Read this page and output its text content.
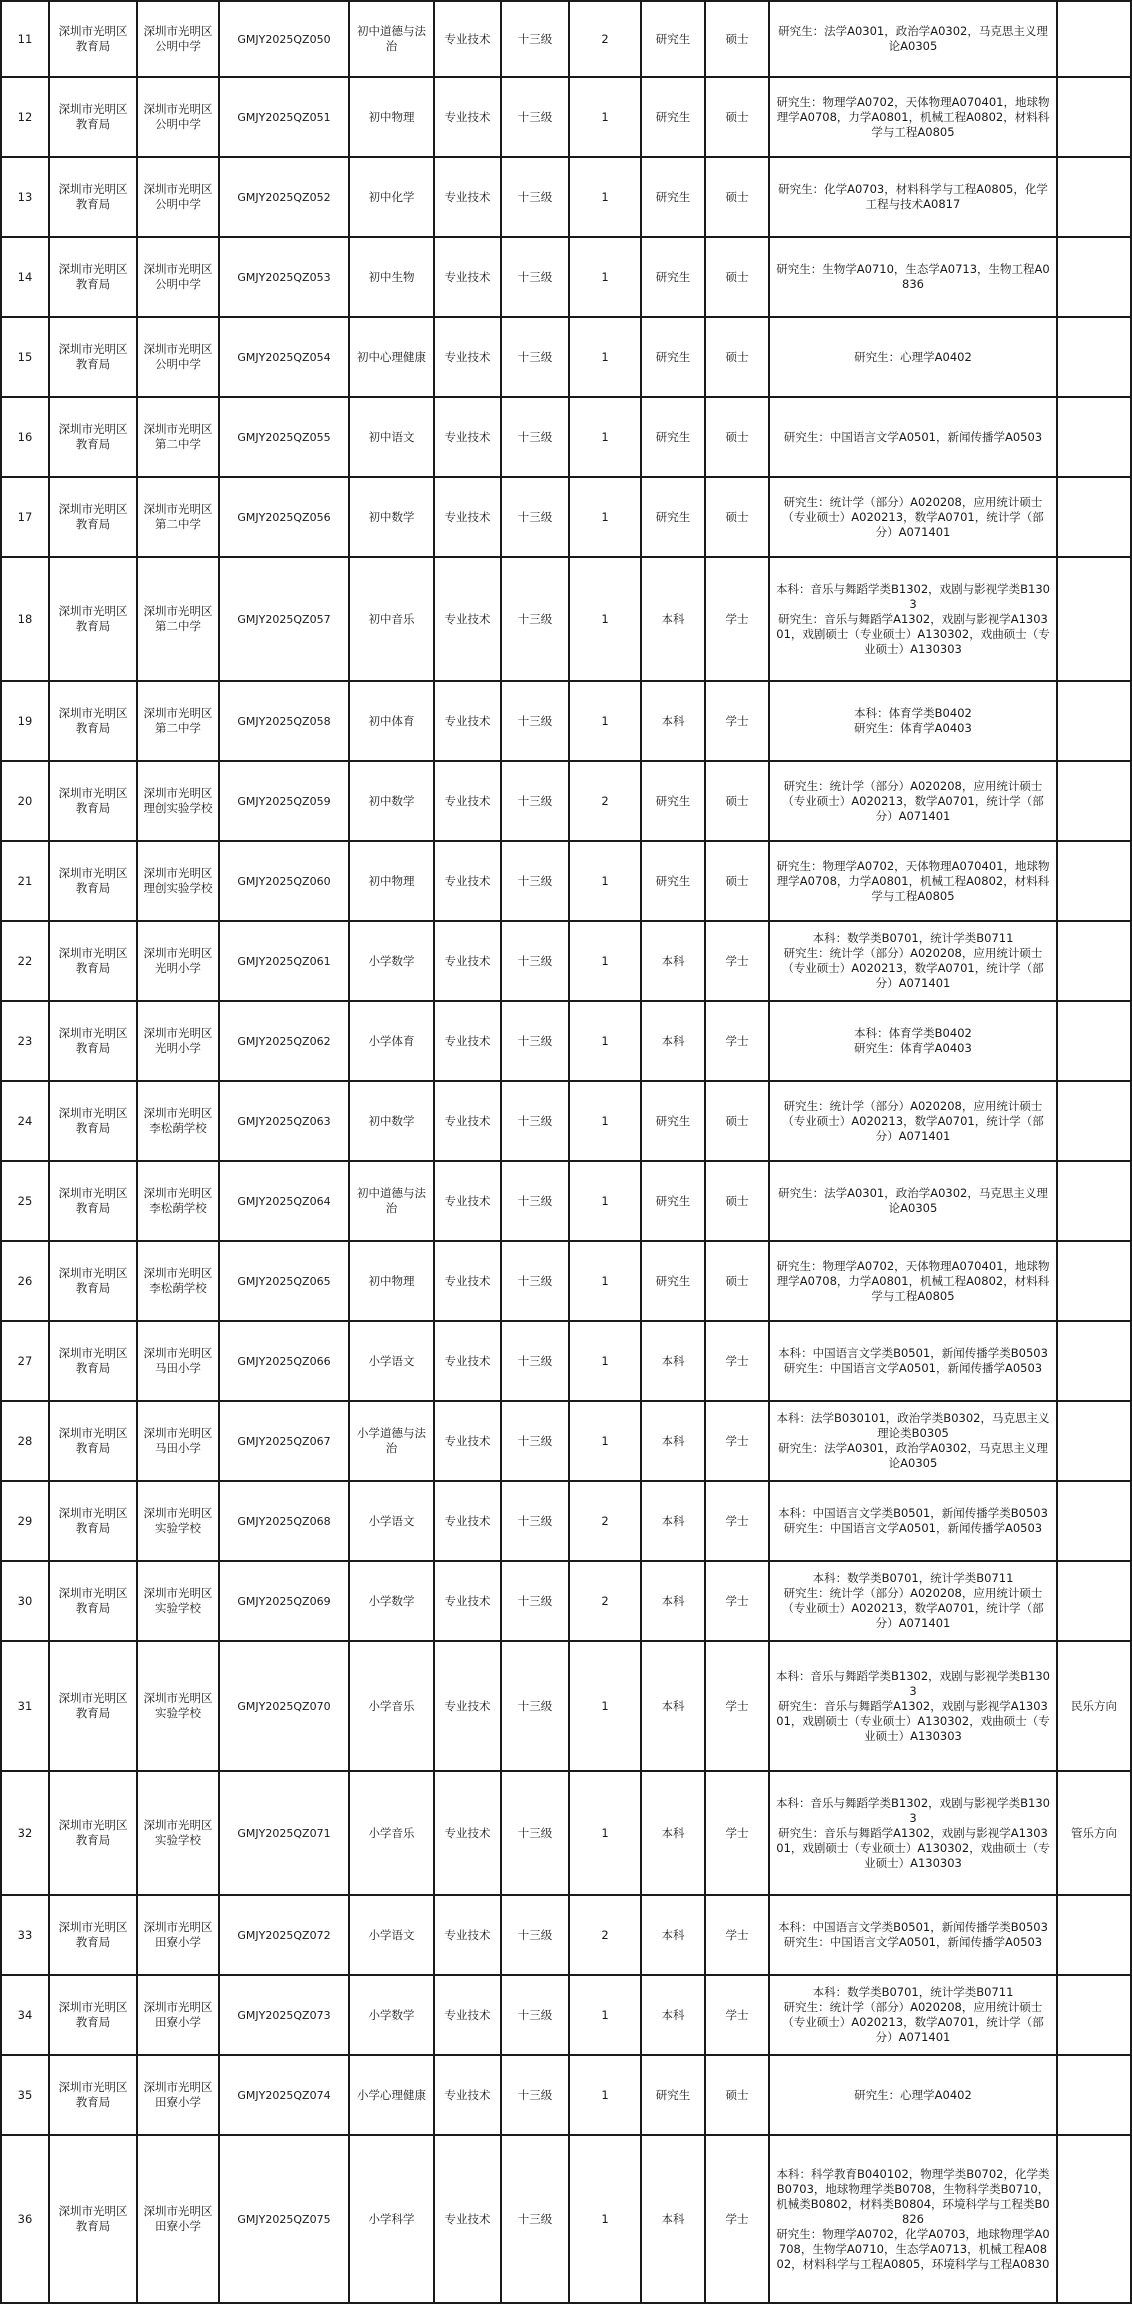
11	深圳市光明区教育局	深圳市光明区公明中学	GMJY2025QZ050	初中道德与法治	专业技术	十三级	2	研究生	硕士	研究生：法学A0301，政治学A0302，马克思主义理论A0305	
12	深圳市光明区教育局	深圳市光明区公明中学	GMJY2025QZ051	初中物理	专业技术	十三级	1	研究生	硕士	研究生：物理学A0702，天体物理A070401，地球物理学A0708，力学A0801，机械工程A0802，材料科学与工程A0805	
13	深圳市光明区教育局	深圳市光明区公明中学	GMJY2025QZ052	初中化学	专业技术	十三级	1	研究生	硕士	研究生：化学A0703，材料科学与工程A0805，化学工程与技术A0817	
14	深圳市光明区教育局	深圳市光明区公明中学	GMJY2025QZ053	初中生物	专业技术	十三级	1	研究生	硕士	研究生：生物学A0710，生态学A0713，生物工程A0836	
15	深圳市光明区教育局	深圳市光明区公明中学	GMJY2025QZ054	初中心理健康	专业技术	十三级	1	研究生	硕士	研究生：心理学A0402	
16	深圳市光明区教育局	深圳市光明区第二中学	GMJY2025QZ055	初中语文	专业技术	十三级	1	研究生	硕士	研究生：中国语言文学A0501，新闻传播学A0503	
17	深圳市光明区教育局	深圳市光明区第二中学	GMJY2025QZ056	初中数学	专业技术	十三级	1	研究生	硕士	研究生：统计学（部分）A020208，应用统计硕士（专业硕士）A020213，数学A0701，统计学（部分）A071401	
18	深圳市光明区教育局	深圳市光明区第二中学	GMJY2025QZ057	初中音乐	专业技术	十三级	1	本科	学士	本科：音乐与舞蹈学类B1302，戏剧与影视学类B1303
研究生：音乐与舞蹈学A1302，戏剧与影视学A130301，戏剧硕士（专业硕士）A130302，戏曲硕士（专业硕士）A130303	
19	深圳市光明区教育局	深圳市光明区第二中学	GMJY2025QZ058	初中体育	专业技术	十三级	1	本科	学士	本科：体育学类B0402
研究生：体育学A0403	
20	深圳市光明区教育局	深圳市光明区理创实验学校	GMJY2025QZ059	初中数学	专业技术	十三级	2	研究生	硕士	研究生：统计学（部分）A020208，应用统计硕士（专业硕士）A020213，数学A0701，统计学（部分）A071401	
21	深圳市光明区教育局	深圳市光明区理创实验学校	GMJY2025QZ060	初中物理	专业技术	十三级	1	研究生	硕士	研究生：物理学A0702，天体物理A070401，地球物理学A0708，力学A0801，机械工程A0802，材料科学与工程A0805	
22	深圳市光明区教育局	深圳市光明区光明小学	GMJY2025QZ061	小学数学	专业技术	十三级	1	本科	学士	本科：数学类B0701，统计学类B0711
研究生：统计学（部分）A020208，应用统计硕士（专业硕士）A020213，数学A0701，统计学（部分）A071401	
23	深圳市光明区教育局	深圳市光明区光明小学	GMJY2025QZ062	小学体育	专业技术	十三级	1	本科	学士	本科：体育学类B0402
研究生：体育学A0403	
24	深圳市光明区教育局	深圳市光明区李松蓢学校	GMJY2025QZ063	初中数学	专业技术	十三级	1	研究生	硕士	研究生：统计学（部分）A020208，应用统计硕士（专业硕士）A020213，数学A0701，统计学（部分）A071401	
25	深圳市光明区教育局	深圳市光明区李松蓢学校	GMJY2025QZ064	初中道德与法治	专业技术	十三级	1	研究生	硕士	研究生：法学A0301，政治学A0302，马克思主义理论A0305	
26	深圳市光明区教育局	深圳市光明区李松蓢学校	GMJY2025QZ065	初中物理	专业技术	十三级	1	研究生	硕士	研究生：物理学A0702，天体物理A070401，地球物理学A0708，力学A0801，机械工程A0802，材料科学与工程A0805	
27	深圳市光明区教育局	深圳市光明区马田小学	GMJY2025QZ066	小学语文	专业技术	十三级	1	本科	学士	本科：中国语言文学类B0501，新闻传播学类B0503
研究生：中国语言文学A0501，新闻传播学A0503	
28	深圳市光明区教育局	深圳市光明区马田小学	GMJY2025QZ067	小学道德与法治	专业技术	十三级	1	本科	学士	本科：法学B030101，政治学类B0302，马克思主义理论类B0305
研究生：法学A0301，政治学A0302，马克思主义理论A0305	
29	深圳市光明区教育局	深圳市光明区实验学校	GMJY2025QZ068	小学语文	专业技术	十三级	2	本科	学士	本科：中国语言文学类B0501，新闻传播学类B0503
研究生：中国语言文学A0501，新闻传播学A0503	
30	深圳市光明区教育局	深圳市光明区实验学校	GMJY2025QZ069	小学数学	专业技术	十三级	2	本科	学士	本科：数学类B0701，统计学类B0711
研究生：统计学（部分）A020208，应用统计硕士（专业硕士）A020213，数学A0701，统计学（部分）A071401	
31	深圳市光明区教育局	深圳市光明区实验学校	GMJY2025QZ070	小学音乐	专业技术	十三级	1	本科	学士	本科：音乐与舞蹈学类B1302，戏剧与影视学类B1303
研究生：音乐与舞蹈学A1302，戏剧与影视学A130301，戏剧硕士（专业硕士）A130302，戏曲硕士（专业硕士）A130303	民乐方向
32	深圳市光明区教育局	深圳市光明区实验学校	GMJY2025QZ071	小学音乐	专业技术	十三级	1	本科	学士	本科：音乐与舞蹈学类B1302，戏剧与影视学类B1303
研究生：音乐与舞蹈学A1302，戏剧与影视学A130301，戏剧硕士（专业硕士）A130302，戏曲硕士（专业硕士）A130303	管乐方向
33	深圳市光明区教育局	深圳市光明区田寮小学	GMJY2025QZ072	小学语文	专业技术	十三级	2	本科	学士	本科：中国语言文学类B0501，新闻传播学类B0503
研究生：中国语言文学A0501，新闻传播学A0503	
34	深圳市光明区教育局	深圳市光明区田寮小学	GMJY2025QZ073	小学数学	专业技术	十三级	1	本科	学士	本科：数学类B0701，统计学类B0711
研究生：统计学（部分）A020208，应用统计硕士（专业硕士）A020213，数学A0701，统计学（部分）A071401	
35	深圳市光明区教育局	深圳市光明区田寮小学	GMJY2025QZ074	小学心理健康	专业技术	十三级	1	研究生	硕士	研究生：心理学A0402	
36	深圳市光明区教育局	深圳市光明区田寮小学	GMJY2025QZ075	小学科学	专业技术	十三级	1	本科	学士	本科：科学教育B040102，物理学类B0702，化学类B0703，地球物理学类B0708，生物科学类B0710，机械类B0802，材料类B0804，环境科学与工程类B0826
研究生：物理学A0702，化学A0703，地球物理学A0708，生物学A0710，生态学A0713，机械工程A0802，材料科学与工程A0805，环境科学与工程A0830	
